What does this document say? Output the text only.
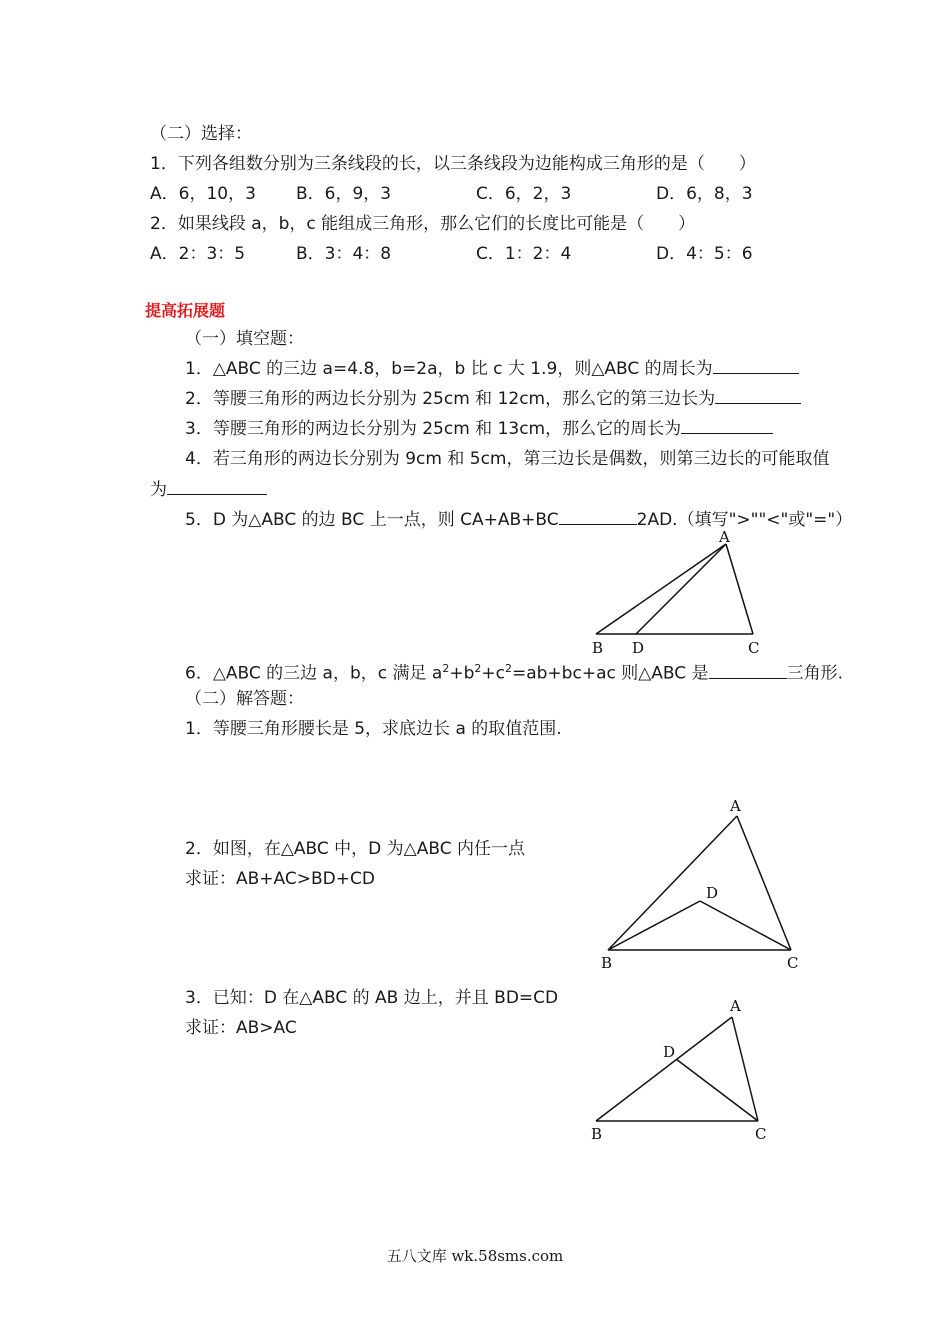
（二）选择：
1．下列各组数分别为三条线段的长，以三条线段为边能构成三角形的是（　　）
A．6，10，3 B．6，9，3	C．6，2，3	D．6，8，3
2．如果线段 a，b，c 能组成三角形，那么它们的长度比可能是（　　）
A．2：3：5	B．3：4：8	C．1：2：4	D．4：5：6
提高拓展题
（一）填空题：
1．△ABC 的三边 a=4.8，b=2a，b 比 c 大 1.9，则△ABC 的周长为
2．等腰三角形的两边长分别为 25cm 和 12cm，那么它的第三边长为
3．等腰三角形的两边长分别为 25cm 和 13cm，那么它的周长为
4．若三角形的两边长分别为 9cm 和 5cm，第三边长是偶数，则第三边长的可能取值
为
5．D 为△ABC 的边 BC 上一点，则 CA+AB+BC	2AD.（填写">""<"或"="）
A
B D	C
6．△ABC 的三边 a，b，c 满足 $a^2+b^2+c^2=ab+bc+ac$ 则△ABC 是	三角形.
（二）解答题：
1．等腰三角形腰长是 5，求底边长 a 的取值范围.
2．如图，在△ABC 中，D 为△ABC 内任一点
求证：AB+AC>BD+CD
A
D
B	C
3．已知：D 在△ABC 的 AB 边上，并且 BD=CD
求证：AB>AC
A
D
B	C
五八文库 wk.58sms.com
